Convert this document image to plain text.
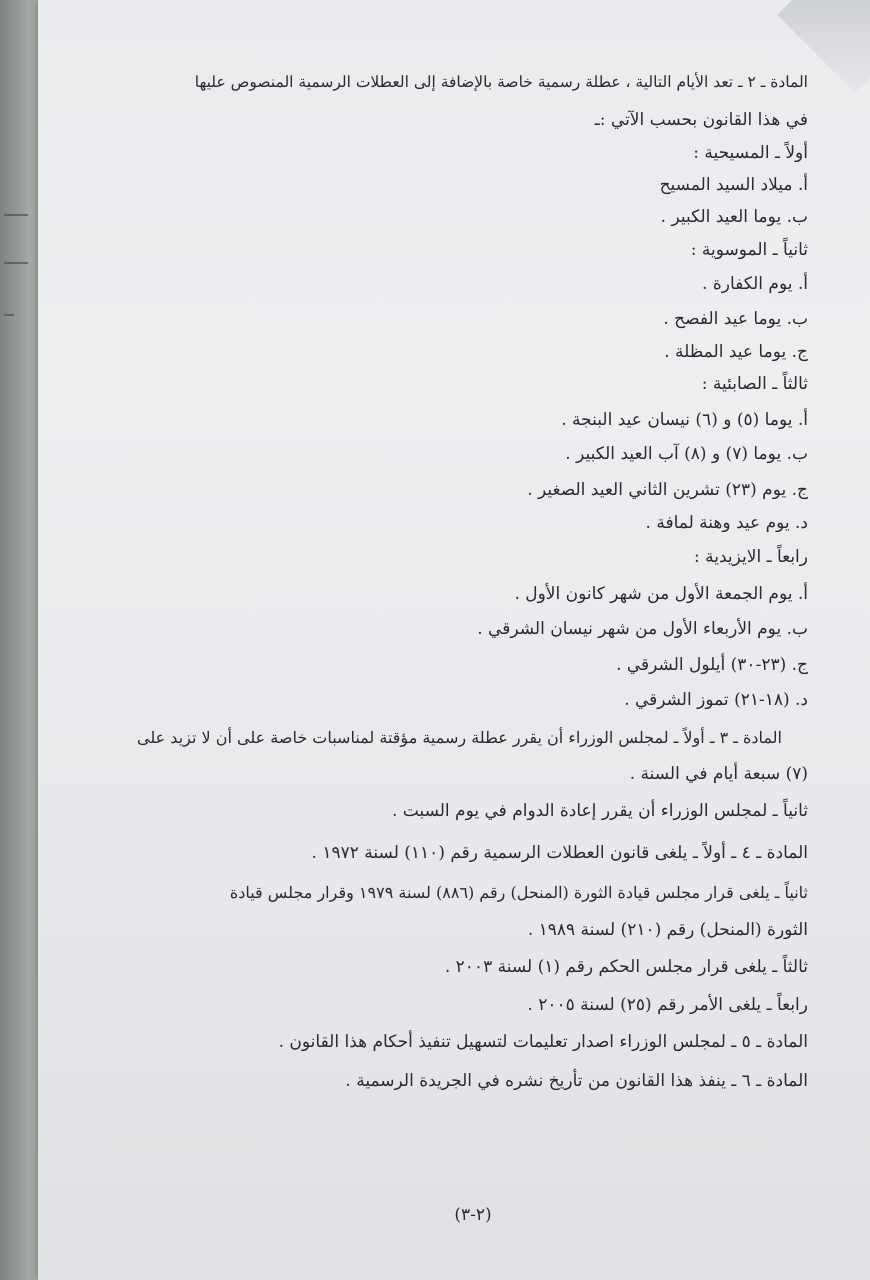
المادة ـ ٢ ـ تعد الأيام التالية ، عطلة رسمية خاصة بالإضافة إلى العطلات الرسمية المنصوص عليها
في هذا القانون بحسب الآتي :ـ
أولاً ـ المسيحية :
أ. ميلاد السيد المسيح
ب. يوما العيد الكبير .
ثانياً ـ الموسوية :
أ. يوم الكفارة .
ب. يوما عيد الفصح .
ج. يوما عيد المظلة .
ثالثاً ـ الصابئية :
أ. يوما (٥) و (٦) نيسان عيد البنجة .
ب. يوما (٧) و (٨) آب العيد الكبير .
ج. يوم (٢٣) تشرين الثاني العيد الصغير .
د. يوم عيد وهنة لمافة .
رابعاً ـ الايزيدية :
أ. يوم الجمعة الأول من شهر كانون الأول .
ب. يوم الأربعاء الأول من شهر نيسان الشرقي .
ج. (٢٣-٣٠) أيلول الشرقي .
د. (١٨-٢١) تموز الشرقي .
المادة ـ ٣ ـ أولاً ـ لمجلس الوزراء أن يقرر عطلة رسمية مؤقتة لمناسبات خاصة على أن لا تزيد على
(٧) سبعة أيام في السنة .
ثانياً ـ لمجلس الوزراء أن يقرر إعادة الدوام في يوم السبت .
المادة ـ ٤ ـ أولاً ـ يلغى قانون العطلات الرسمية رقم (١١٠) لسنة ١٩٧٢ .
ثانياً ـ يلغى قرار مجلس قيادة الثورة (المنحل) رقم (٨٨٦) لسنة ١٩٧٩ وقرار مجلس قيادة
الثورة (المنحل) رقم (٢١٠) لسنة ١٩٨٩ .
ثالثاً ـ يلغى قرار مجلس الحكم رقم (١) لسنة ٢٠٠٣ .
رابعاً ـ يلغى الأمر رقم (٢٥) لسنة ٢٠٠٥ .
المادة ـ ٥ ـ لمجلس الوزراء اصدار تعليمات لتسهيل تنفيذ أحكام هذا القانون .
المادة ـ ٦ ـ ينفذ هذا القانون من تأريخ نشره في الجريدة الرسمية .
(٢-٣)
